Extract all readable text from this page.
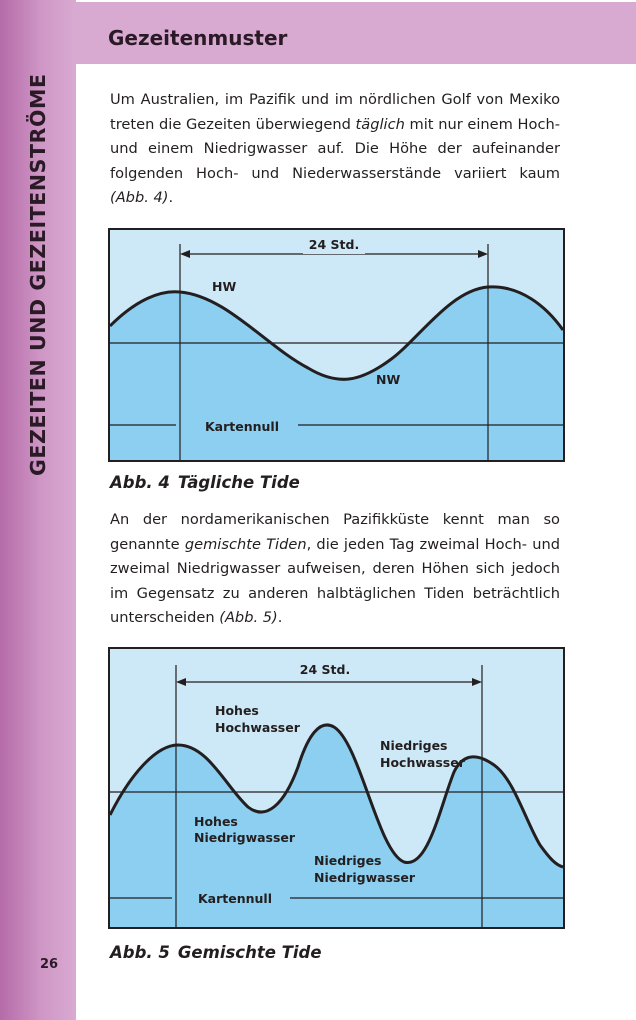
GEZEITEN UND GEZEITENSTRÖME
26
Gezeitenmuster

Um Australien, im Pazifik und im nördlichen Golf von Mexiko treten die Gezeiten überwiegend täglich mit nur einem Hoch- und einem Niedrigwasser auf. Die Höhe der aufeinander folgenden Hoch- und Niederwasserstände variiert kaum (Abb. 4).

24 Std.
HW
NW
Kartennull
Abb. 4 Tägliche Tide

An der nordamerikanischen Pazifikküste kennt man so genannte gemischte Tiden, die jeden Tag zweimal Hoch- und zweimal Niedrigwasser aufweisen, deren Höhen sich jedoch im Gegensatz zu anderen halbtäglichen Tiden beträchtlich unterscheiden (Abb. 5).

24 Std.
Hohes
Hochwasser
Niedriges
Hochwasser
Hohes
Niedrigwasser
Niedriges
Niedrigwasser
Kartennull
Abb. 5 Gemischte Tide
